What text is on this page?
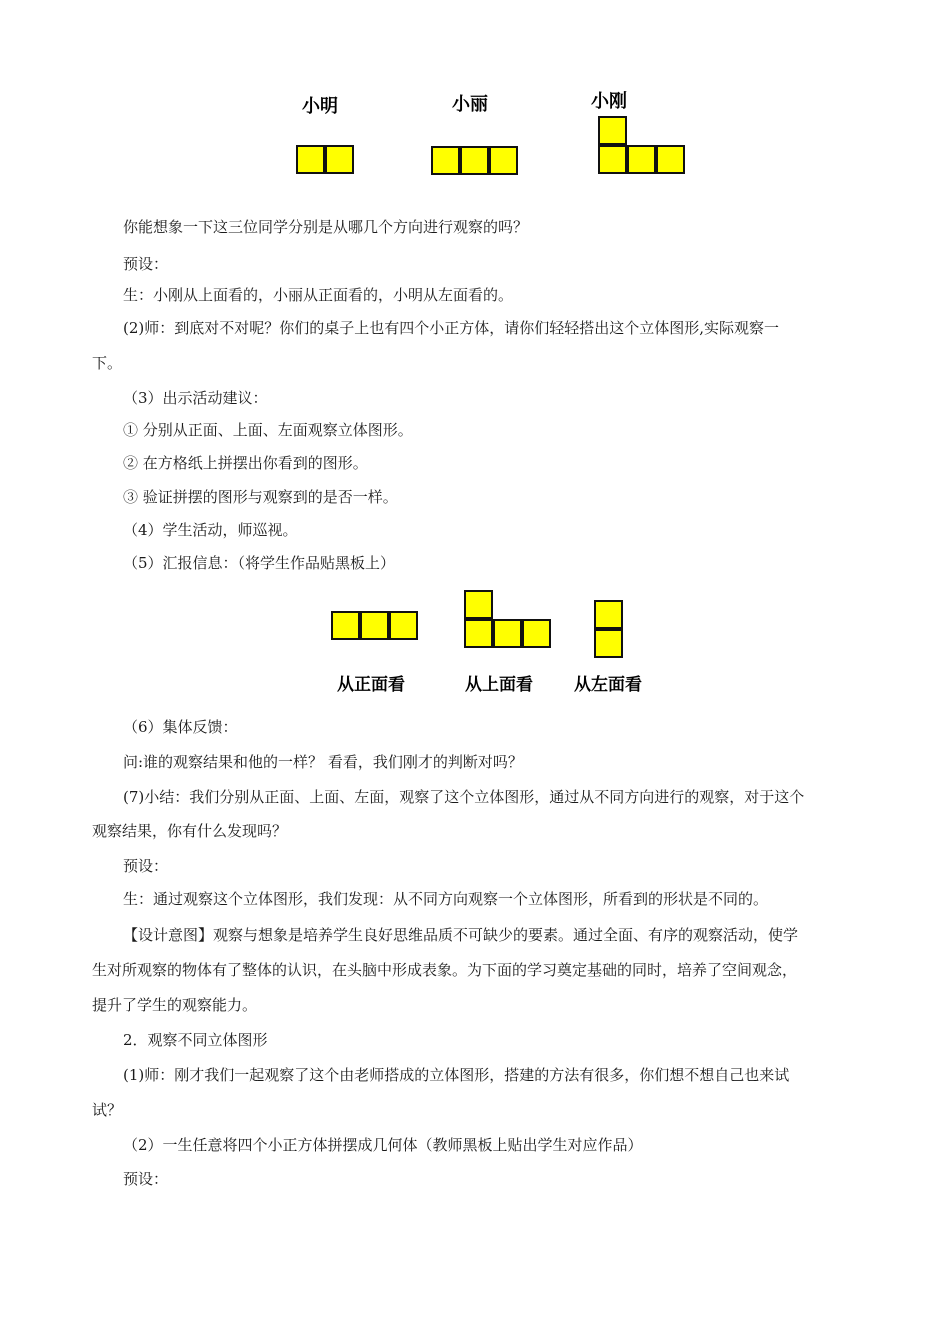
小明	小丽	小刚
你能想象一下这三位同学分别是从哪几个方向进行观察的吗？
预设：
生：小刚从上面看的，小丽从正面看的，小明从左面看的。
(2)师：到底对不对呢？你们的桌子上也有四个小正方体，请你们轻轻搭出这个立体图形,实际观察一
下。
（3）出示活动建议：
① 分别从正面、上面、左面观察立体图形。
② 在方格纸上拼摆出你看到的图形。
③ 验证拼摆的图形与观察到的是否一样。
（4）学生活动，师巡视。
（5）汇报信息：（将学生作品贴黑板上）
从正面看	从上面看 从左面看
（6）集体反馈：
问:谁的观察结果和他的一样？ 看看，我们刚才的判断对吗？
(7)小结：我们分别从正面、上面、左面，观察了这个立体图形，通过从不同方向进行的观察，对于这个
观察结果，你有什么发现吗？
预设：
生：通过观察这个立体图形，我们发现：从不同方向观察一个立体图形，所看到的形状是不同的。
【设计意图】观察与想象是培养学生良好思维品质不可缺少的要素。通过全面、有序的观察活动，使学
生对所观察的物体有了整体的认识，在头脑中形成表象。为下面的学习奠定基础的同时，培养了空间观念，
提升了学生的观察能力。
2．观察不同立体图形
(1)师：刚才我们一起观察了这个由老师搭成的立体图形，搭建的方法有很多，你们想不想自己也来试
试？
（2）一生任意将四个小正方体拼摆成几何体（教师黑板上贴出学生对应作品）
预设：
